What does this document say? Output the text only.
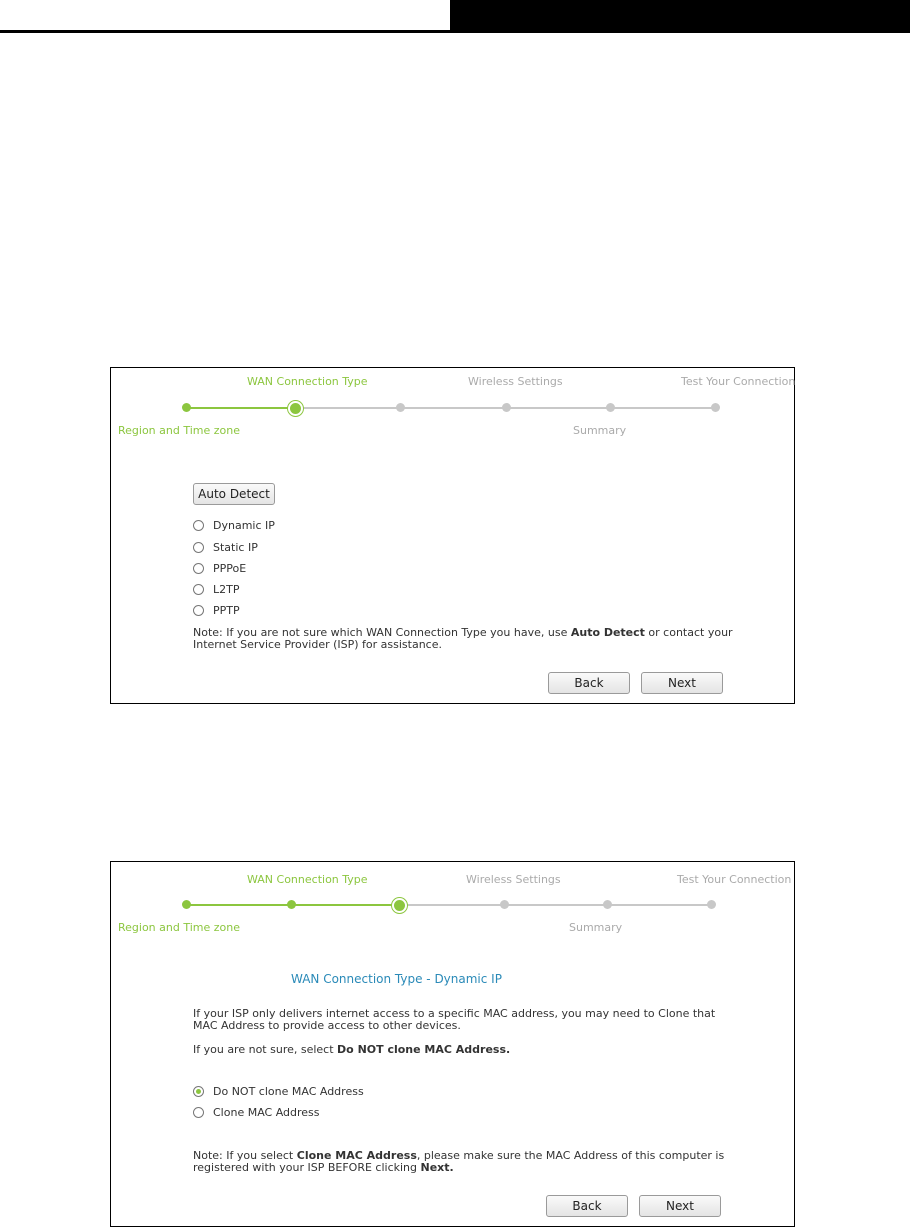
WAN Connection Type	Wireless Settings	Test Your Connection
Region and Time zone	Summary
Auto Detect
Dynamic IP
Static IP
PPPoE
L2TP
PPTP
Note: If you are not sure which WAN Connection Type you have, use Auto Detect or contact your Internet Service Provider (ISP) for assistance.
Back	Next
WAN Connection Type	Wireless Settings	Test Your Connection
Region and Time zone	Summary
WAN Connection Type - Dynamic IP
If your ISP only delivers internet access to a specific MAC address, you may need to Clone that MAC Address to provide access to other devices.
If you are not sure, select Do NOT clone MAC Address.
Do NOT clone MAC Address
Clone MAC Address
Note: If you select Clone MAC Address, please make sure the MAC Address of this computer is registered with your ISP BEFORE clicking Next.
Back	Next
